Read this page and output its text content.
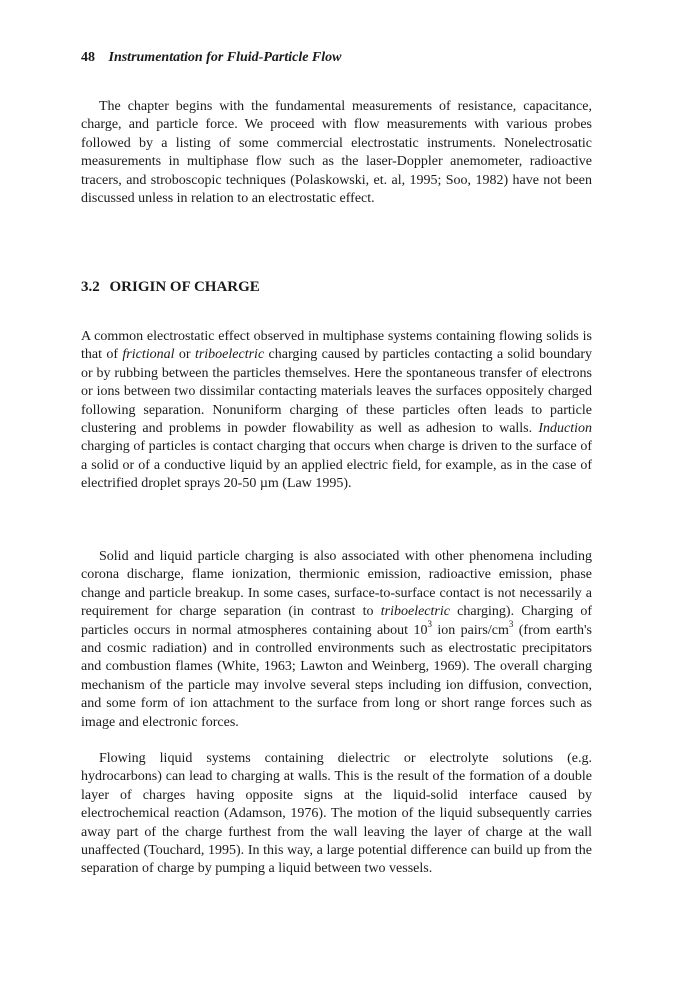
48 Instrumentation for Fluid-Particle Flow

The chapter begins with the fundamental measurements of resistance, capacitance, charge, and particle force. We proceed with flow measurements with various probes followed by a listing of some commercial electrostatic instruments. Nonelectrosatic measurements in multiphase flow such as the laser-Doppler anemometer, radioactive tracers, and stroboscopic techniques (Polaskowski, et. al, 1995; Soo, 1982) have not been discussed unless in relation to an electrostatic effect.

3.2 ORIGIN OF CHARGE

A common electrostatic effect observed in multiphase systems containing flowing solids is that of frictional or triboelectric charging caused by particles contacting a solid boundary or by rubbing between the particles themselves. Here the spontaneous transfer of electrons or ions between two dissimilar contacting materials leaves the surfaces oppositely charged following separation. Nonuniform charging of these particles often leads to particle clustering and problems in powder flowability as well as adhesion to walls. Induction charging of particles is contact charging that occurs when charge is driven to the surface of a solid or of a conductive liquid by an applied electric field, for example, as in the case of electrified droplet sprays 20-50 µm (Law 1995).

Solid and liquid particle charging is also associated with other phenomena including corona discharge, flame ionization, thermionic emission, radioactive emission, phase change and particle breakup. In some cases, surface-to-surface contact is not necessarily a requirement for charge separation (in contrast to triboelectric charging). Charging of particles occurs in normal atmospheres containing about $10^3$ ion pairs/$cm^3$ (from earth's and cosmic radiation) and in controlled environments such as electrostatic precipitators and combustion flames (White, 1963; Lawton and Weinberg, 1969). The overall charging mechanism of the particle may involve several steps including ion diffusion, convection, and some form of ion attachment to the surface from long or short range forces such as image and electronic forces.

Flowing liquid systems containing dielectric or electrolyte solutions (e.g. hydrocarbons) can lead to charging at walls. This is the result of the formation of a double layer of charges having opposite signs at the liquid-solid interface caused by electrochemical reaction (Adamson, 1976). The motion of the liquid subsequently carries away part of the charge furthest from the wall leaving the layer of charge at the wall unaffected (Touchard, 1995). In this way, a large potential difference can build up from the separation of charge by pumping a liquid between two vessels.
